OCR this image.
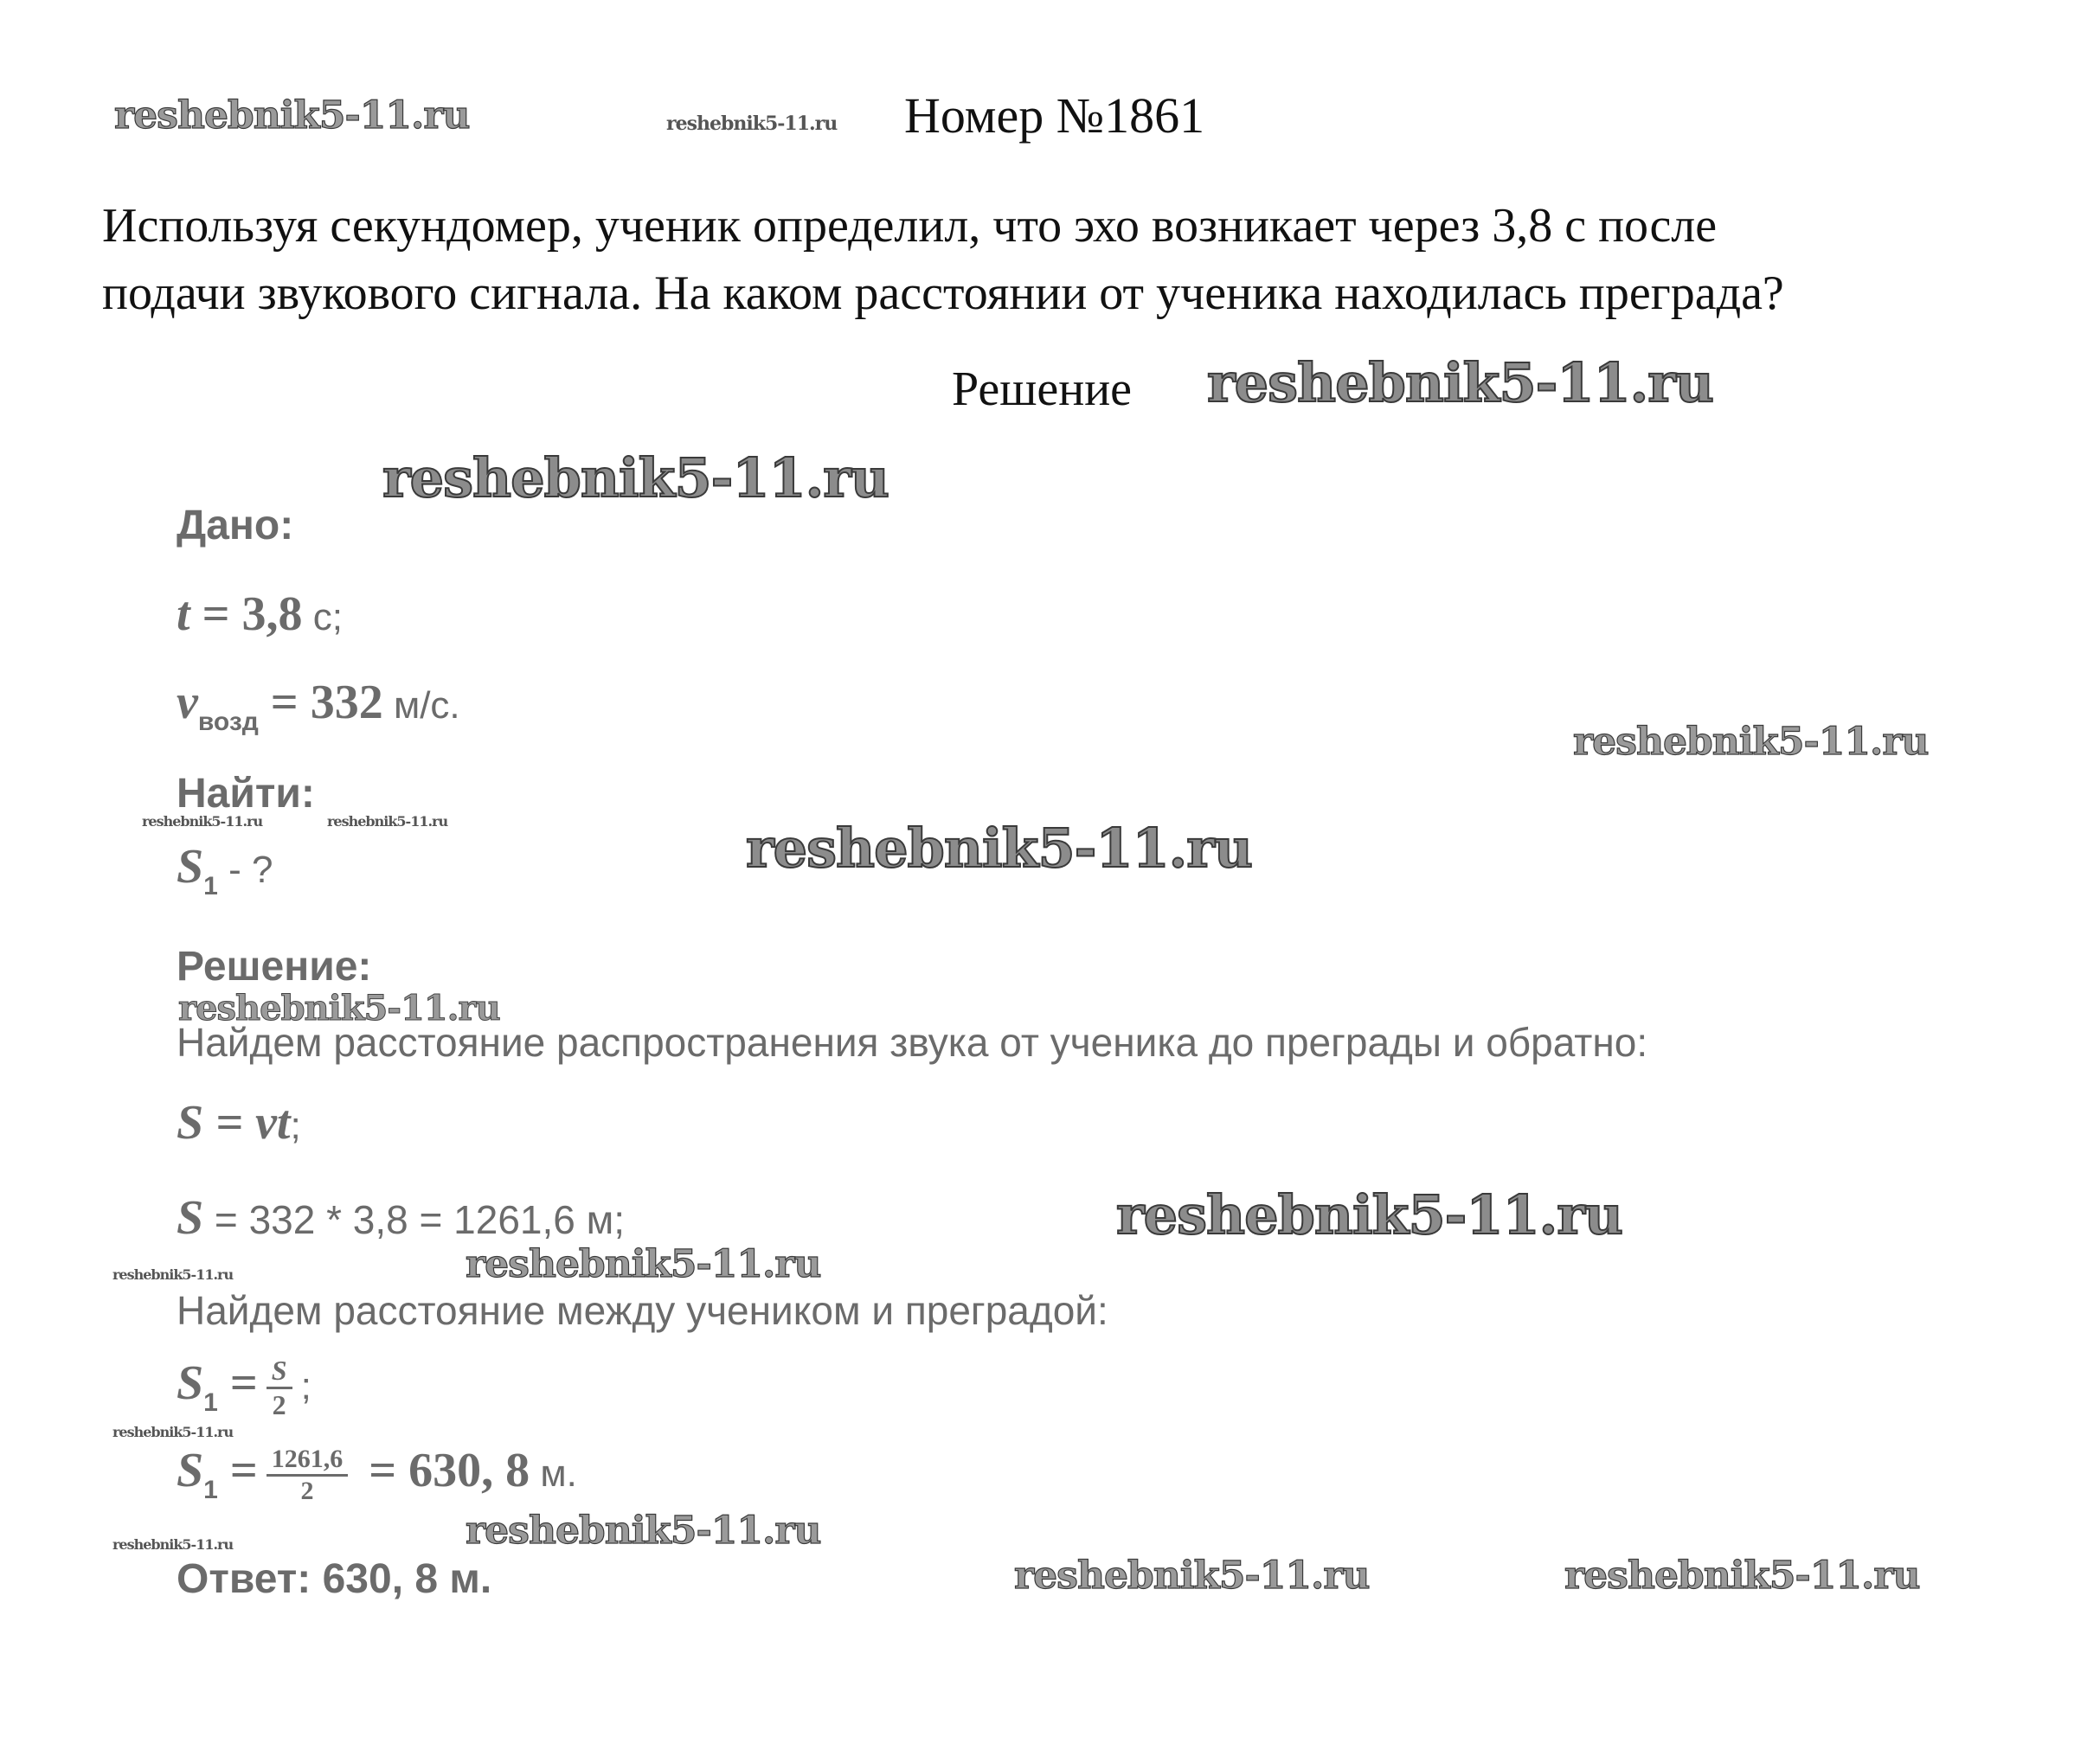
reshebnik5-11.ru	reshebnik5-11.ru Номер №1861
Используя секундомер, ученик определил, что эхо возникает через 3,8 с после
подачи звукового сигнала. На каком расстоянии от ученика находилась преграда?
Решение reshebnik5-11.ru
reshebnik5-11.ru
Дано:
t = 3,8 с;
$v_{возд} = 332$ м/с.
reshebnik5-11.ru
Найти:
reshebnik5-11.ru	reshebnik5-11.ru
$S_1$ - ?	reshebnik5-11.ru
Решение:
reshebnik5-11.ru
Найдем расстояние распространения звука от ученика до преграды и обратно:
S = vt;
S = 332 * 3,8 = 1261,6 м;	reshebnik5-11.ru
reshebnik5-11.ru
reshebnik5-11.ru
Найдем расстояние между учеником и преградой:
$S_1 = \frac{S}{2}$ ;
reshebnik5-11.ru
$S_1 = \frac{1261,6}{2} = 630$, 8 м.
reshebnik5-11.ru
reshebnik5-11.ru
Ответ: 630, 8 м.	reshebnik5-11.ru	reshebnik5-11.ru
